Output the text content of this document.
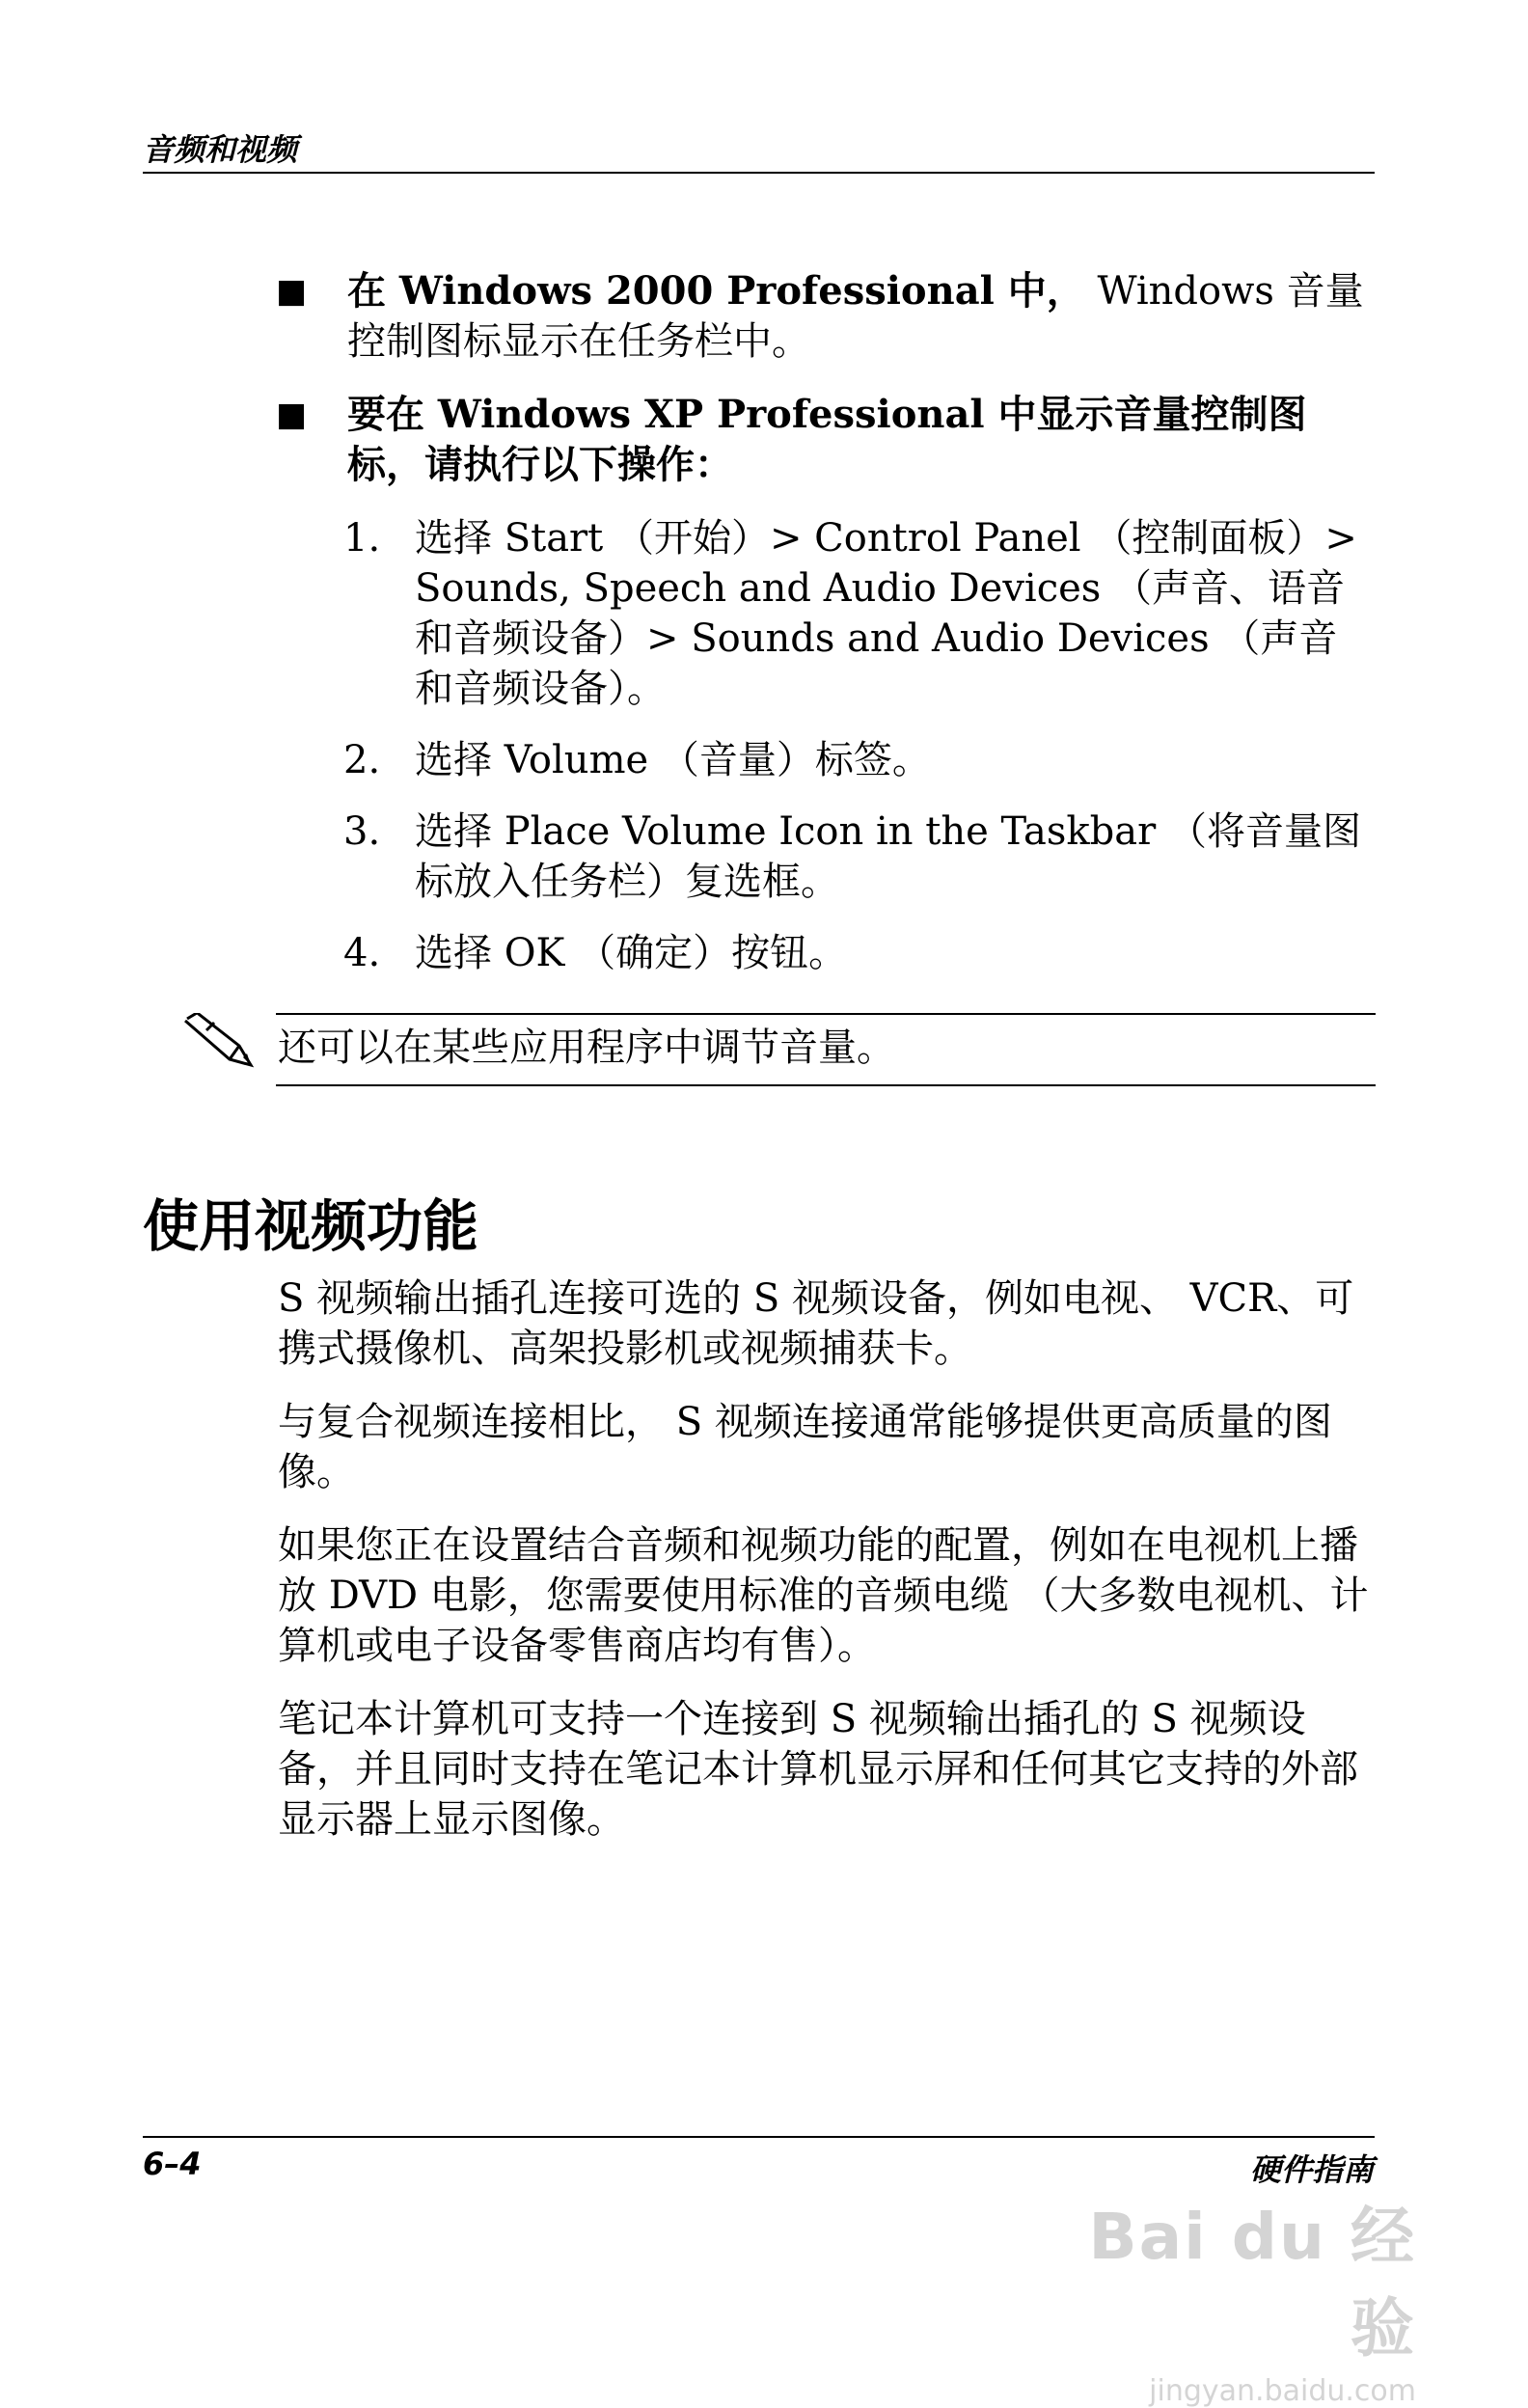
音频和视频
■	在 Windows 2000 Professional 中， Windows 音量控制图标显示在任务栏中。
■	要在 Windows XP Professional 中显示音量控制图标，请执行以下操作：
1. 选择 Start （开始）> Control Panel （控制面板）> Sounds, Speech and Audio Devices （声音、语音和音频设备）> Sounds and Audio Devices （声音和音频设备）。
2. 选择 Volume （音量）标签。
3. 选择 Place Volume Icon in the Taskbar （将音量图标放入任务栏）复选框。
4. 选择 OK （确定）按钮。
还可以在某些应用程序中调节音量。
使用视频功能
S 视频输出插孔连接可选的 S 视频设备，例如电视、 VCR、可携式摄像机、高架投影机或视频捕获卡。
与复合视频连接相比， S 视频连接通常能够提供更高质量的图像。
如果您正在设置结合音频和视频功能的配置，例如在电视机上播放 DVD 电影，您需要使用标准的音频电缆 （大多数电视机、计算机或电子设备零售商店均有售）。
笔记本计算机可支持一个连接到 S 视频输出插孔的 S 视频设备，并且同时支持在笔记本计算机显示屏和任何其它支持的外部显示器上显示图像。
6–4	硬件指南
Bai du 经验
jingyan.baidu.com
